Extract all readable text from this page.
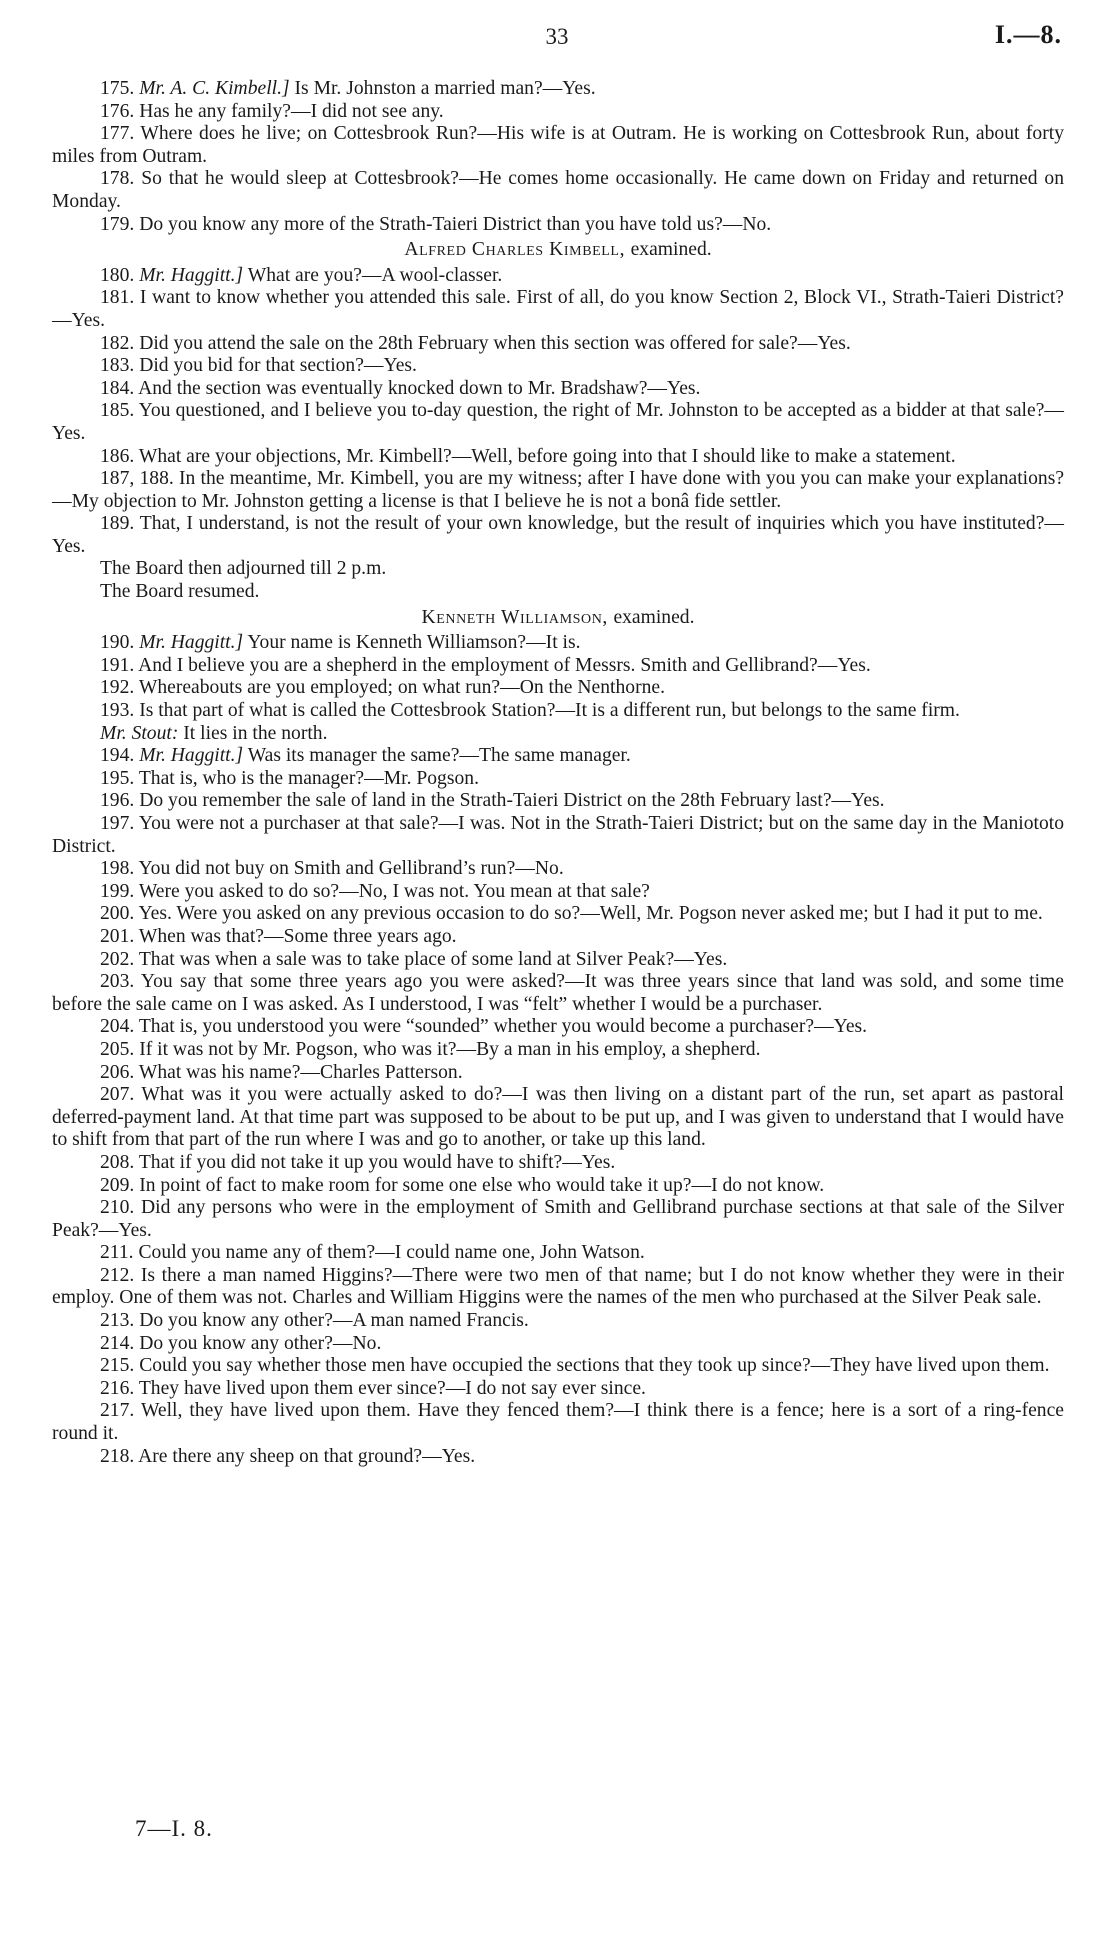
33	I.—8.

175. Mr. A. C. Kimbell.] Is Mr. Johnston a married man?—Yes.

176. Has he any family?—I did not see any.

177. Where does he live; on Cottesbrook Run?—His wife is at Outram. He is working on Cottesbrook Run, about forty miles from Outram.

178. So that he would sleep at Cottesbrook?—He comes home occasionally. He came down on Friday and returned on Monday.

179. Do you know any more of the Strath-Taieri District than you have told us?—No.

Alfred Charles Kimbell, examined.

180. Mr. Haggitt.] What are you?—A wool-classer.

181. I want to know whether you attended this sale. First of all, do you know Section 2, Block VI., Strath-Taieri District?—Yes.

182. Did you attend the sale on the 28th February when this section was offered for sale?—Yes.

183. Did you bid for that section?—Yes.

184. And the section was eventually knocked down to Mr. Bradshaw?—Yes.

185. You questioned, and I believe you to-day question, the right of Mr. Johnston to be accepted as a bidder at that sale?—Yes.

186. What are your objections, Mr. Kimbell?—Well, before going into that I should like to make a statement.

187, 188. In the meantime, Mr. Kimbell, you are my witness; after I have done with you you can make your explanations?—My objection to Mr. Johnston getting a license is that I believe he is not a bonâ fide settler.

189. That, I understand, is not the result of your own knowledge, but the result of inquiries which you have instituted?—Yes.

The Board then adjourned till 2 p.m.

The Board resumed.

Kenneth Williamson, examined.

190. Mr. Haggitt.] Your name is Kenneth Williamson?—It is.

191. And I believe you are a shepherd in the employment of Messrs. Smith and Gellibrand?—Yes.

192. Whereabouts are you employed; on what run?—On the Nenthorne.

193. Is that part of what is called the Cottesbrook Station?—It is a different run, but belongs to the same firm.

Mr. Stout: It lies in the north.

194. Mr. Haggitt.] Was its manager the same?—The same manager.

195. That is, who is the manager?—Mr. Pogson.

196. Do you remember the sale of land in the Strath-Taieri District on the 28th February last?—Yes.

197. You were not a purchaser at that sale?—I was. Not in the Strath-Taieri District; but on the same day in the Maniototo District.

198. You did not buy on Smith and Gellibrand’s run?—No.

199. Were you asked to do so?—No, I was not. You mean at that sale?

200. Yes. Were you asked on any previous occasion to do so?—Well, Mr. Pogson never asked me; but I had it put to me.

201. When was that?—Some three years ago.

202. That was when a sale was to take place of some land at Silver Peak?—Yes.

203. You say that some three years ago you were asked?—It was three years since that land was sold, and some time before the sale came on I was asked. As I understood, I was “felt” whether I would be a purchaser.

204. That is, you understood you were “sounded” whether you would become a purchaser?—Yes.

205. If it was not by Mr. Pogson, who was it?—By a man in his employ, a shepherd.

206. What was his name?—Charles Patterson.

207. What was it you were actually asked to do?—I was then living on a distant part of the run, set apart as pastoral deferred-payment land. At that time part was supposed to be about to be put up, and I was given to understand that I would have to shift from that part of the run where I was and go to another, or take up this land.

208. That if you did not take it up you would have to shift?—Yes.

209. In point of fact to make room for some one else who would take it up?—I do not know.

210. Did any persons who were in the employment of Smith and Gellibrand purchase sections at that sale of the Silver Peak?—Yes.

211. Could you name any of them?—I could name one, John Watson.

212. Is there a man named Higgins?—There were two men of that name; but I do not know whether they were in their employ. One of them was not. Charles and William Higgins were the names of the men who purchased at the Silver Peak sale.

213. Do you know any other?—A man named Francis.

214. Do you know any other?—No.

215. Could you say whether those men have occupied the sections that they took up since?—They have lived upon them.

216. They have lived upon them ever since?—I do not say ever since.

217. Well, they have lived upon them. Have they fenced them?—I think there is a fence; here is a sort of a ring-fence round it.

218. Are there any sheep on that ground?—Yes.

7—I. 8.
